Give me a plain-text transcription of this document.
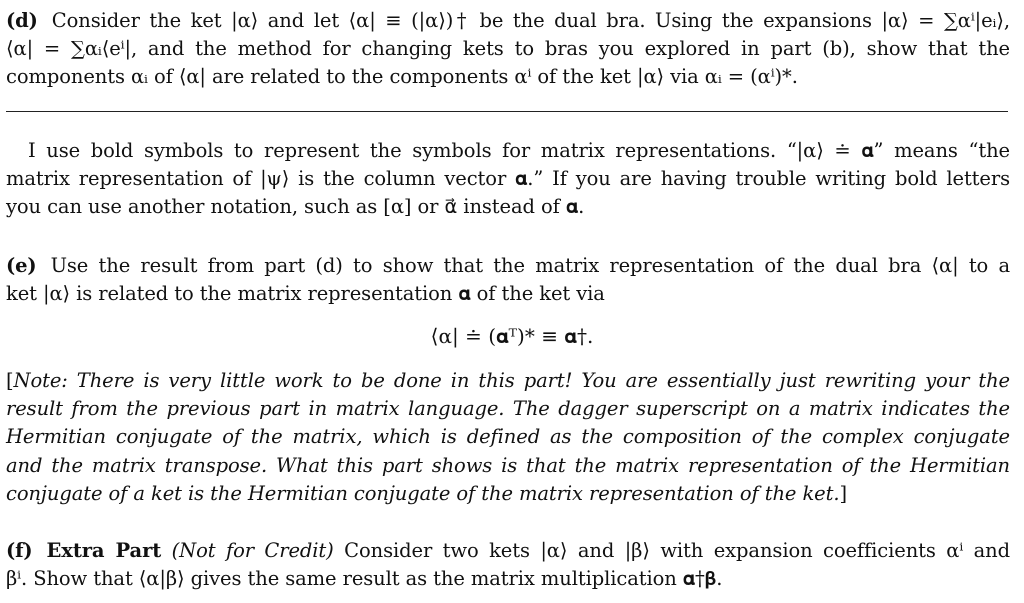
(d) Consider the ket |α⟩ and let ⟨α| ≡ (|α⟩)† be the dual bra. Using the expansions |α⟩ = ∑αⁱ|eᵢ⟩,
⟨α| = ∑αᵢ⟨eⁱ|, and the method for changing kets to bras you explored in part (b), show that the
components αᵢ of ⟨α| are related to the components αⁱ of the ket |α⟩ via αᵢ = (αⁱ)*.
I use bold symbols to represent the symbols for matrix representations. “|α⟩ ≐ 𝛂” means “the
matrix representation of |ψ⟩ is the column vector 𝛂.” If you are having trouble writing bold letters
you can use another notation, such as [α] or α⃗ instead of 𝛂.
(e) Use the result from part (d) to show that the matrix representation of the dual bra ⟨α| to a
ket |α⟩ is related to the matrix representation 𝛂 of the ket via
⟨α| ≐ (𝛂ᵀ)* ≡ 𝛂†.
[Note: There is very little work to be done in this part! You are essentially just rewriting your the
result from the previous part in matrix language. The dagger superscript on a matrix indicates the
Hermitian conjugate of the matrix, which is defined as the composition of the complex conjugate
and the matrix transpose. What this part shows is that the matrix representation of the Hermitian
conjugate of a ket is the Hermitian conjugate of the matrix representation of the ket.]
(f) Extra Part (Not for Credit) Consider two kets |α⟩ and |β⟩ with expansion coefficients αⁱ and
βⁱ. Show that ⟨α|β⟩ gives the same result as the matrix multiplication 𝛂†𝛃.
